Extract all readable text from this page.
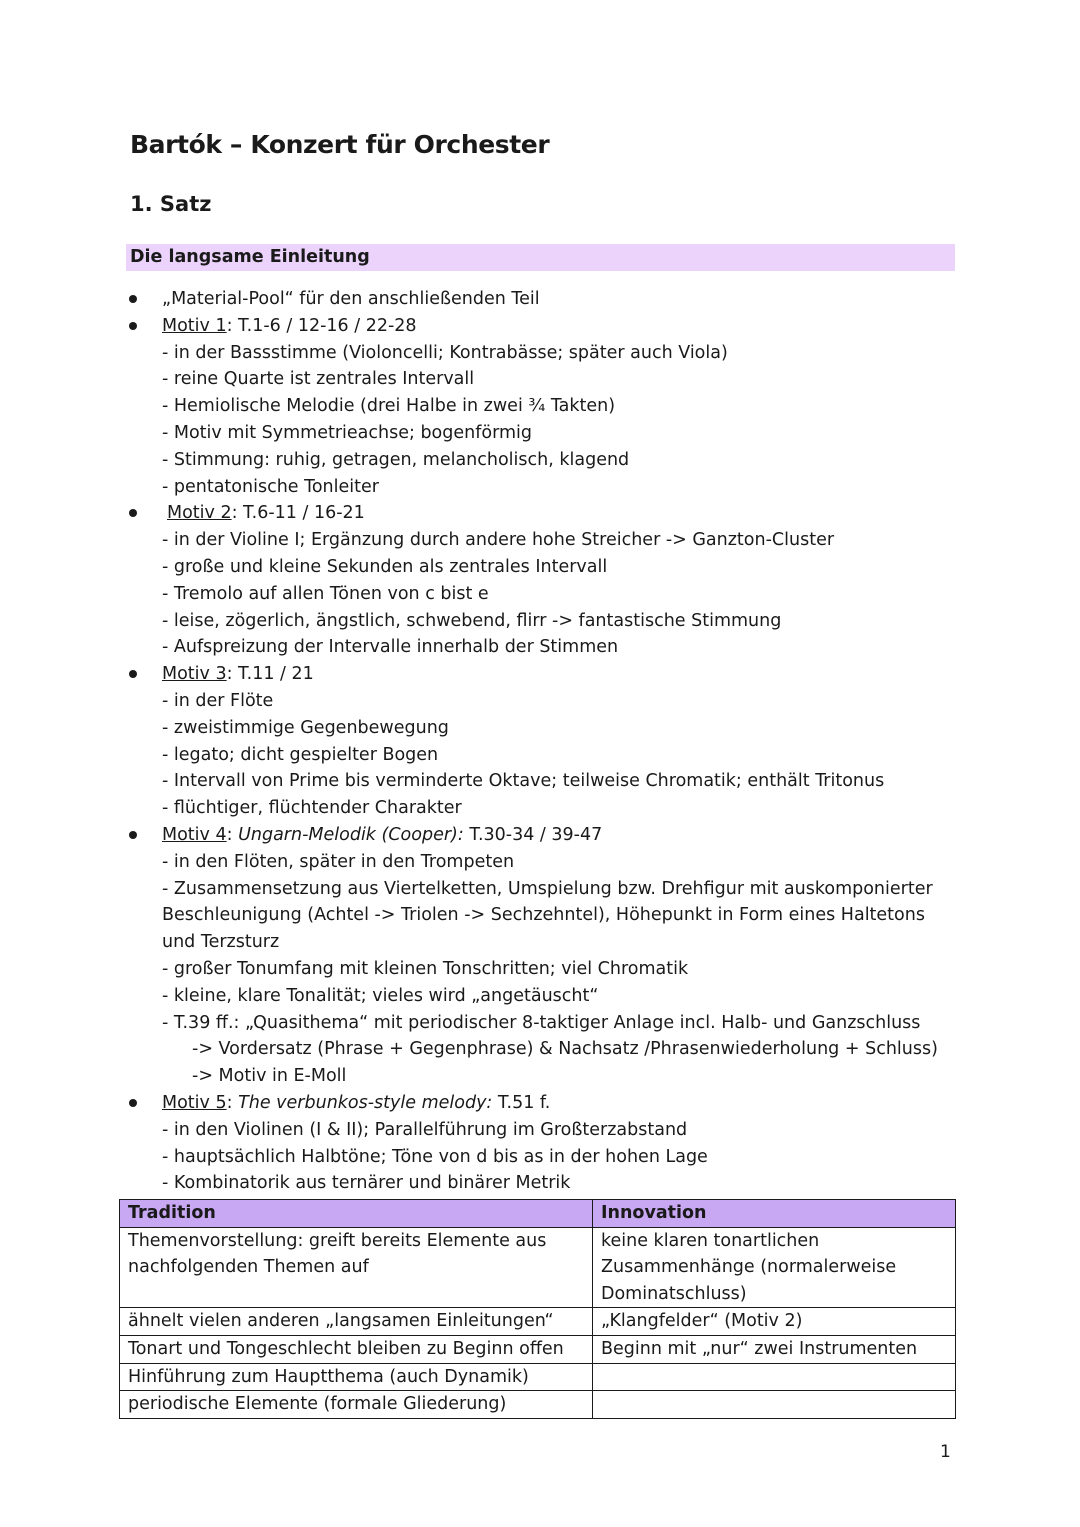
Bartók – Konzert für Orchester
1. Satz
Die langsame Einleitung
„Material-Pool“ für den anschließenden Teil
Motiv 1: T.1-6 / 12-16 / 22-28
- in der Bassstimme (Violoncelli; Kontrabässe; später auch Viola)
- reine Quarte ist zentrales Intervall
- Hemiolische Melodie (drei Halbe in zwei ¾ Takten)
- Motiv mit Symmetrieachse; bogenförmig
- Stimmung: ruhig, getragen, melancholisch, klagend
- pentatonische Tonleiter
Motiv 2: T.6-11 / 16-21
- in der Violine I; Ergänzung durch andere hohe Streicher -> Ganzton-Cluster
- große und kleine Sekunden als zentrales Intervall
- Tremolo auf allen Tönen von c bist e
- leise, zögerlich, ängstlich, schwebend, flirr -> fantastische Stimmung
- Aufspreizung der Intervalle innerhalb der Stimmen
Motiv 3: T.11 / 21
- in der Flöte
- zweistimmige Gegenbewegung
- legato; dicht gespielter Bogen
- Intervall von Prime bis verminderte Oktave; teilweise Chromatik; enthält Tritonus
- flüchtiger, flüchtender Charakter
Motiv 4: Ungarn-Melodik (Cooper): T.30-34 / 39-47
- in den Flöten, später in den Trompeten
- Zusammensetzung aus Viertelketten, Umspielung bzw. Drehfigur mit auskomponierter
Beschleunigung (Achtel -> Triolen -> Sechzehntel), Höhepunkt in Form eines Haltetons
und Terzsturz
- großer Tonumfang mit kleinen Tonschritten; viel Chromatik
- kleine, klare Tonalität; vieles wird „angetäuscht“
- T.39 ff.: „Quasithema“ mit periodischer 8-taktiger Anlage incl. Halb- und Ganzschluss
-> Vordersatz (Phrase + Gegenphrase) & Nachsatz /Phrasenwiederholung + Schluss)
-> Motiv in E-Moll
Motiv 5: The verbunkos-style melody: T.51 f.
- in den Violinen (I & II); Parallelführung im Großterzabstand
- hauptsächlich Halbtöne; Töne von d bis as in der hohen Lage
- Kombinatorik aus ternärer und binärer Metrik
Tradition	Innovation
Themenvorstellung: greift bereits Elemente aus nachfolgenden Themen auf	keine klaren tonartlichen Zusammenhänge (normalerweise Dominatschluss)
ähnelt vielen anderen „langsamen Einleitungen“	„Klangfelder“ (Motiv 2)
Tonart und Tongeschlecht bleiben zu Beginn offen	Beginn mit „nur“ zwei Instrumenten
Hinführung zum Hauptthema (auch Dynamik)	
periodische Elemente (formale Gliederung)	
1
